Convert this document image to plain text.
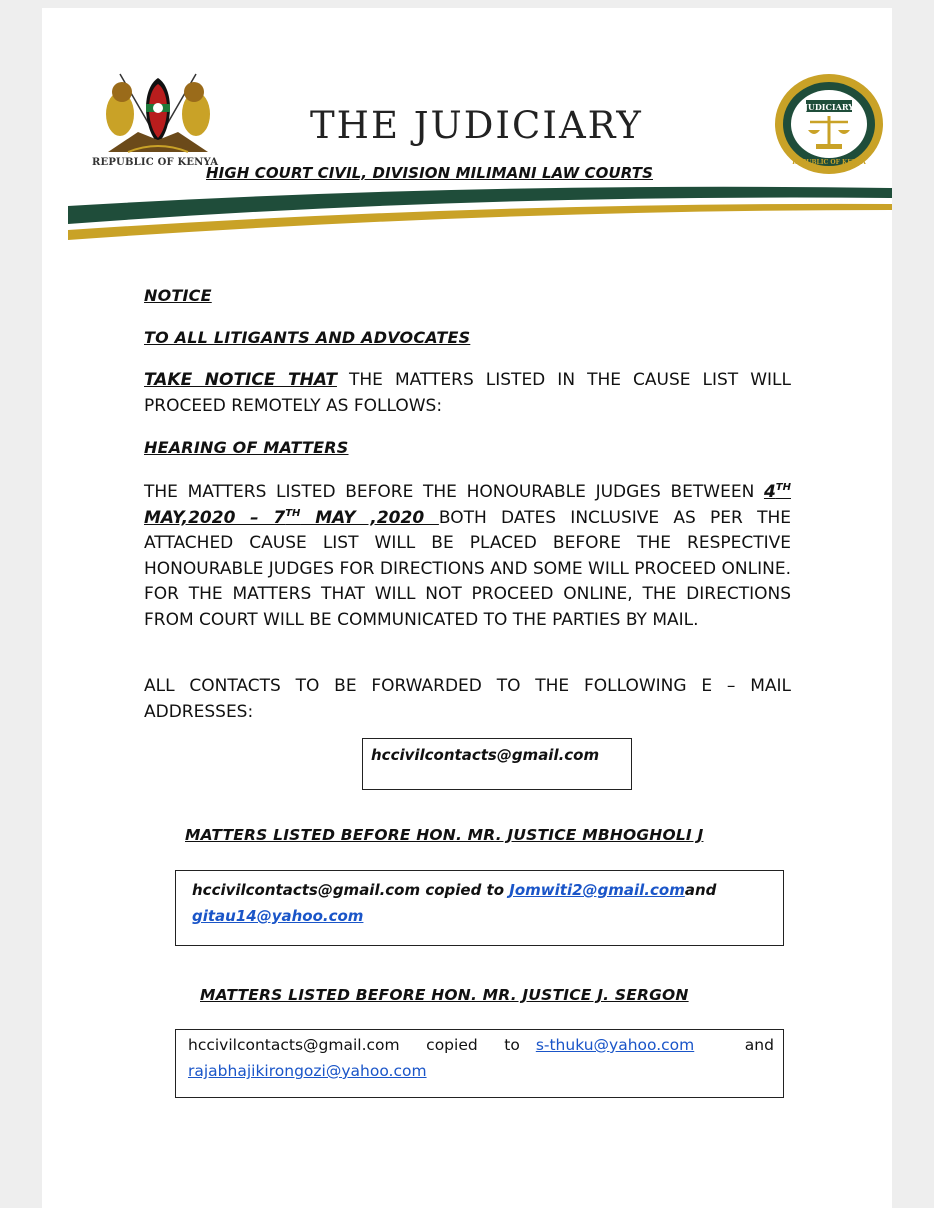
REPUBLIC OF KENYA
THE JUDICIARY
HIGH COURT CIVIL, DIVISION MILIMANI LAW COURTS
JUDICIARY
REPUBLIC OF KENYA
NOTICE
TO ALL LITIGANTS AND ADVOCATES
TAKE NOTICE THAT THE MATTERS LISTED IN THE CAUSE LIST WILL PROCEED REMOTELY AS FOLLOWS:
HEARING OF MATTERS
THE MATTERS LISTED BEFORE THE HONOURABLE JUDGES BETWEEN 4TH MAY,2020 – 7TH MAY ,2020 BOTH DATES INCLUSIVE AS PER THE ATTACHED CAUSE LIST WILL BE PLACED BEFORE THE RESPECTIVE HONOURABLE JUDGES FOR DIRECTIONS AND SOME WILL PROCEED ONLINE. FOR THE MATTERS THAT WILL NOT PROCEED ONLINE, THE DIRECTIONS FROM COURT WILL BE COMMUNICATED TO THE PARTIES BY MAIL.
ALL CONTACTS TO BE FORWARDED TO THE FOLLOWING E – MAIL ADDRESSES:
hccivilcontacts@gmail.com
MATTERS LISTED BEFORE HON. MR. JUSTICE MBHOGHOLI J
hccivilcontacts@gmail.com copied to Jomwiti2@gmail.comand
gitau14@yahoo.com
MATTERS LISTED BEFORE HON. MR. JUSTICE J. SERGON
hccivilcontacts@gmail.com copied to s-thuku@yahoo.com	and
rajabhajikirongozi@yahoo.com
